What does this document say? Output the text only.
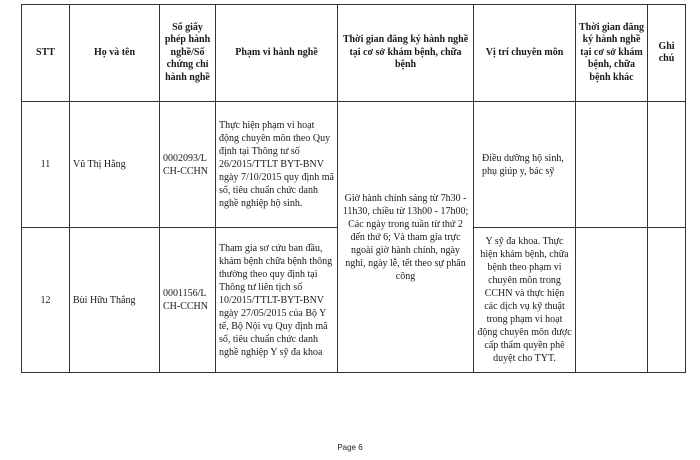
STT	Họ và tên	Số giấy phép hành nghề/Số chứng chỉ hành nghề	Phạm vi hành nghề	Thời gian đăng ký hành nghề tại cơ sở khám bệnh, chữa bệnh	Vị trí chuyên môn	Thời gian đăng ký hành nghề tại cơ sở khám bệnh, chữa bệnh khác	Ghi chú
11	Vũ Thị Hằng	0002093/LCH-CCHN	Thực hiện phạm vi hoạt động chuyên môn theo Quy định tại Thông tư số 26/2015/TTLT BYT-BNV ngày 7/10/2015 quy định mã số, tiêu chuẩn chức danh nghề nghiệp hộ sinh.	Giờ hành chính sáng từ 7h30 - 11h30, chiều từ 13h00 - 17h00; Các ngày trong tuần từ thứ 2 đến thứ 6; Và tham gia trực ngoài giờ hành chính, ngày nghỉ, ngày lễ, tết theo sự phân công	Điều dưỡng hộ sinh, phụ giúp y, bác sỹ		
12	Bùi Hữu Thắng	0001156/LCH-CCHN	Tham gia sơ cứu ban đầu, khám bệnh chữa bệnh thông thường theo quy định tại Thông tư liên tịch số 10/2015/TTLT-BYT-BNV ngày 27/05/2015 của Bộ Y tế, Bộ Nội vụ Quy định mã số, tiêu chuẩn chức danh nghề nghiệp Y sỹ đa khoa		Y sỹ đa khoa. Thực hiện khám bệnh, chữa bệnh theo phạm vi chuyên môn trong CCHN và thực hiện các dịch vụ kỹ thuật trong phạm vi hoạt động chuyên môn được cấp thẩm quyền phê duyệt cho TYT.		
Page 6
